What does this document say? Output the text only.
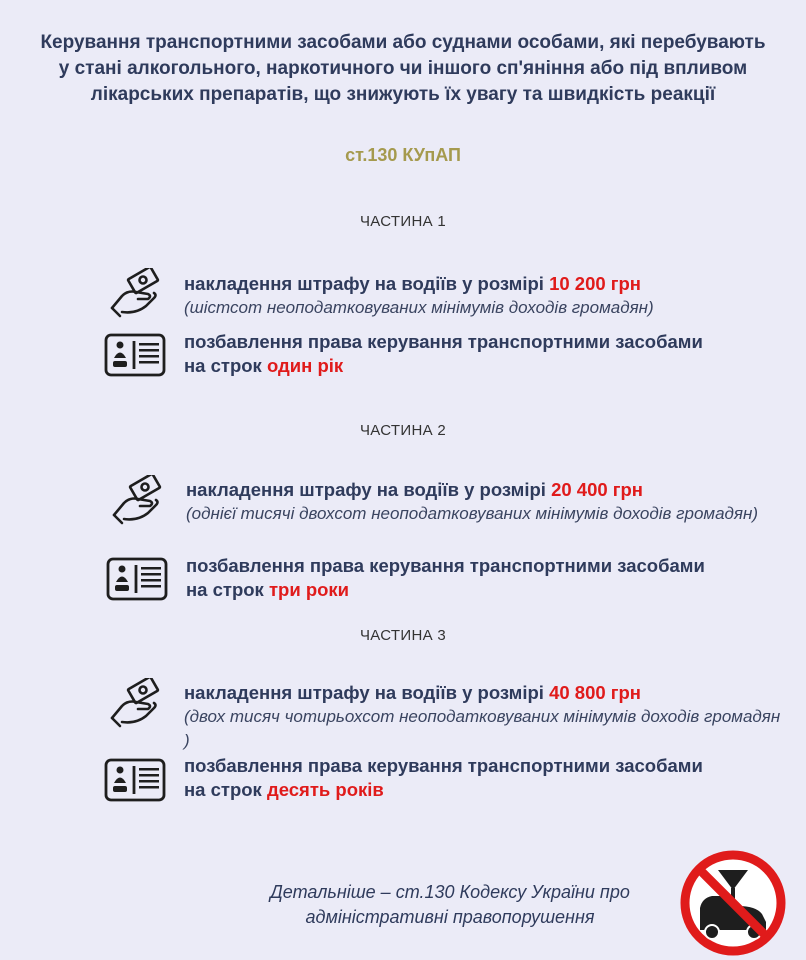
Керування транспортними засобами або суднами особами, які перебувають у стані алкогольного, наркотичного чи іншого сп'яніння або під впливом лікарських препаратів, що знижують їх увагу та швидкість реакції
ст.130 КУпАП
ЧАСТИНА 1
накладення штрафу на водіїв у розмірі 10 200 грн
(шістсот неоподатковуваних мінімумів доходів громадян)
позбавлення права керування транспортними засобами
на строк один рік
ЧАСТИНА 2
накладення штрафу на водіїв у розмірі 20 400 грн
(однієї тисячі двохсот неоподатковуваних мінімумів доходів громадян)
позбавлення права керування транспортними засобами
на строк три роки
ЧАСТИНА 3
накладення штрафу на водіїв у розмірі 40 800 грн
(двох тисяч чотирьохсот неоподатковуваних мінімумів доходів громадян )
позбавлення права керування транспортними засобами
на строк десять років
Детальніше – ст.130 Кодексу України про адміністративні правопорушення
